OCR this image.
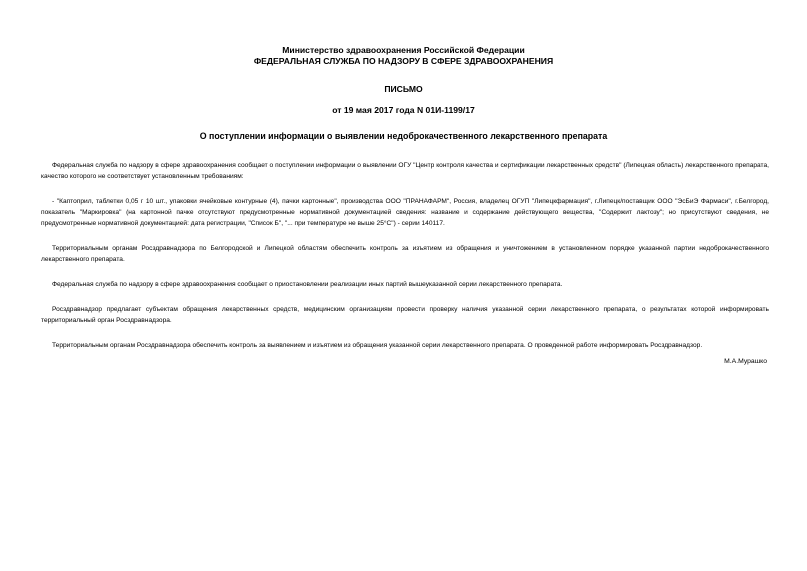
Министерство здравоохранения Российской Федерации
ФЕДЕРАЛЬНАЯ СЛУЖБА ПО НАДЗОРУ В СФЕРЕ ЗДРАВООХРАНЕНИЯ
ПИСЬМО
от 19 мая 2017 года N 01И-1199/17
О поступлении информации о выявлении недоброкачественного лекарственного препарата

Федеральная служба по надзору в сфере здравоохранения сообщает о поступлении информации о выявлении ОГУ "Центр контроля качества и сертификации лекарственных средств" (Липецкая область) лекарственного препарата, качество которого не соответствует установленным требованиям:

- "Каптоприл, таблетки 0,05 г 10 шт., упаковки ячейковые контурные (4), пачки картонные", производства ООО "ПРАНАФАРМ", Россия, владелец ОГУП "Липецкфармация", г.Липецк/поставщик ООО "ЭсБиЭ Фармаси", г.Белгород, показатель "Маркировка" (на картонной пачке отсутствуют предусмотренные нормативной документацией сведения: название и содержание действующего вещества, "Содержит лактозу"; но присутствуют сведения, не предусмотренные нормативной документацией: дата регистрации, "Список Б", "... при температуре не выше 25°С") - серии 140117.

Территориальным органам Росздравнадзора по Белгородской и Липецкой областям обеспечить контроль за изъятием из обращения и уничтожением в установленном порядке указанной партии недоброкачественного лекарственного препарата.

Федеральная служба по надзору в сфере здравоохранения сообщает о приостановлении реализации иных партий вышеуказанной серии лекарственного препарата.

Росздравнадзор предлагает субъектам обращения лекарственных средств, медицинским организациям провести проверку наличия указанной серии лекарственного препарата, о результатах которой информировать территориальный орган Росздравнадзора.

Территориальным органам Росздравнадзора обеспечить контроль за выявлением и изъятием из обращения указанной серии лекарственного препарата. О проведенной работе информировать Росздравнадзор.

М.А.Мурашко
